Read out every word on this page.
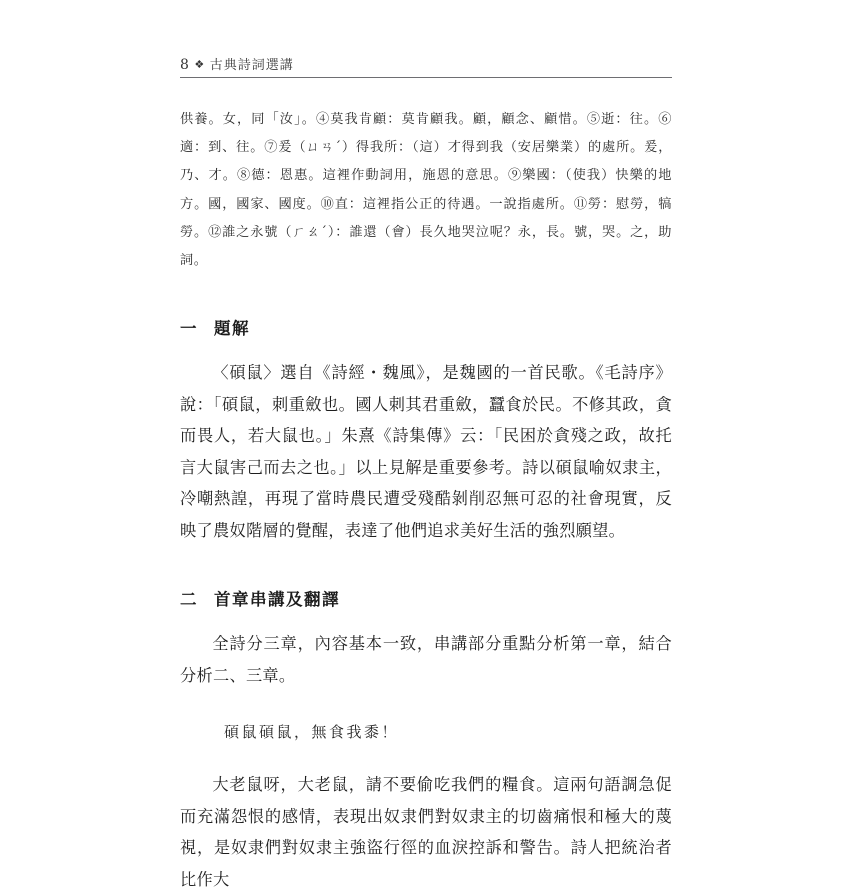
8 ❖ 古典詩詞選講
供養。女，同「汝」。④莫我肯顧：莫肯顧我。顧，顧念、顧惜。⑤逝：往。⑥適：到、往。⑦爰（ㄩㄢˊ）得我所：（這）才得到我（安居樂業）的處所。爰，乃、才。⑧德：恩惠。這裡作動詞用，施恩的意思。⑨樂國：（使我）快樂的地方。國，國家、國度。⑩直：這裡指公正的待遇。一說指處所。⑪勞：慰勞，犒勞。⑫誰之永號（ㄏㄠˊ）：誰還（會）長久地哭泣呢？永，長。號，哭。之，助詞。
一 題解

〈碩鼠〉選自《詩經・魏風》，是魏國的一首民歌。《毛詩序》說：「碩鼠，刺重斂也。國人刺其君重斂，蠶食於民。不修其政，貪而畏人，若大鼠也。」朱熹《詩集傳》云：「民困於貪殘之政，故托言大鼠害己而去之也。」以上見解是重要參考。詩以碩鼠喻奴隶主，冷嘲熱諻，再現了當時農民遭受殘酷剝削忍無可忍的社會現實，反映了農奴階層的覺醒，表達了他們追求美好生活的強烈願望。

二 首章串講及翻譯

全詩分三章，內容基本一致，串講部分重點分析第一章，結合分析二、三章。

碩鼠碩鼠，無食我黍！

大老鼠呀，大老鼠，請不要偷吃我們的糧食。這兩句語調急促而充滿怨恨的感情，表現出奴隶們對奴隶主的切齒痛恨和極大的蔑視，是奴隶們對奴隶主強盜行徑的血淚控訴和警告。詩人把統治者比作大
